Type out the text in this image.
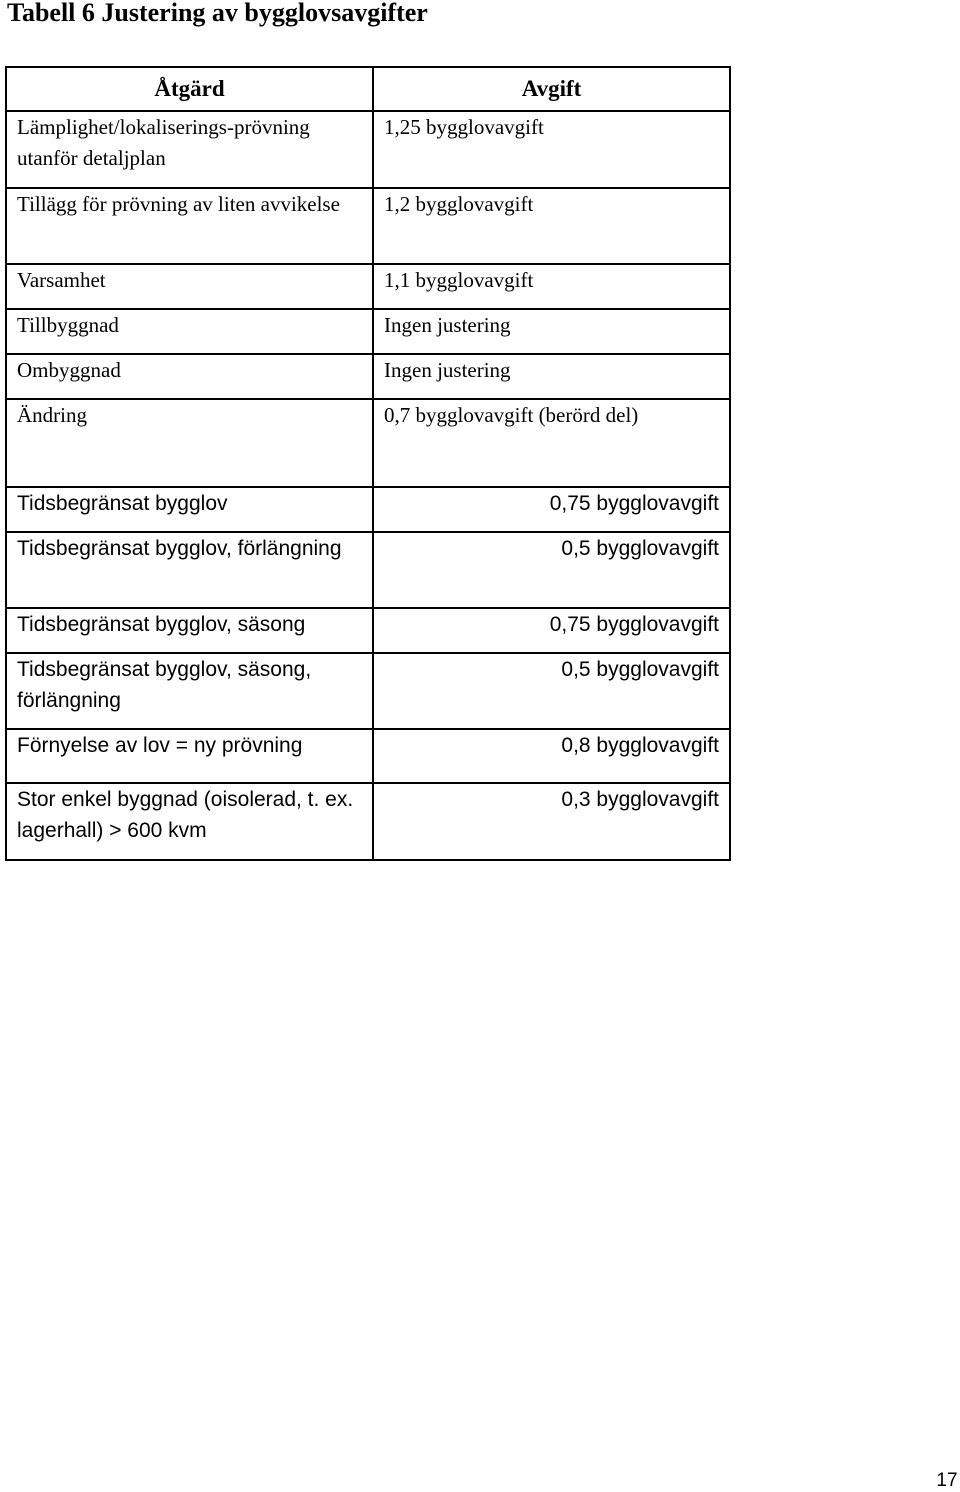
Tabell 6 Justering av bygglovsavgifter
Åtgärd	Avgift
Lämplighet/lokaliserings-prövning utanför detaljplan	1,25 bygglovavgift
Tillägg för prövning av liten avvikelse	1,2 bygglovavgift
Varsamhet	1,1 bygglovavgift
Tillbyggnad	Ingen justering
Ombyggnad	Ingen justering
Ändring	0,7 bygglovavgift (berörd del)
Tidsbegränsat bygglov	0,75 bygglovavgift
Tidsbegränsat bygglov, förlängning	0,5 bygglovavgift
Tidsbegränsat bygglov, säsong	0,75 bygglovavgift
Tidsbegränsat bygglov, säsong, förlängning	0,5 bygglovavgift
Förnyelse av lov = ny prövning	0,8 bygglovavgift
Stor enkel byggnad (oisolerad, t. ex. lagerhall) > 600 kvm	0,3 bygglovavgift
17
